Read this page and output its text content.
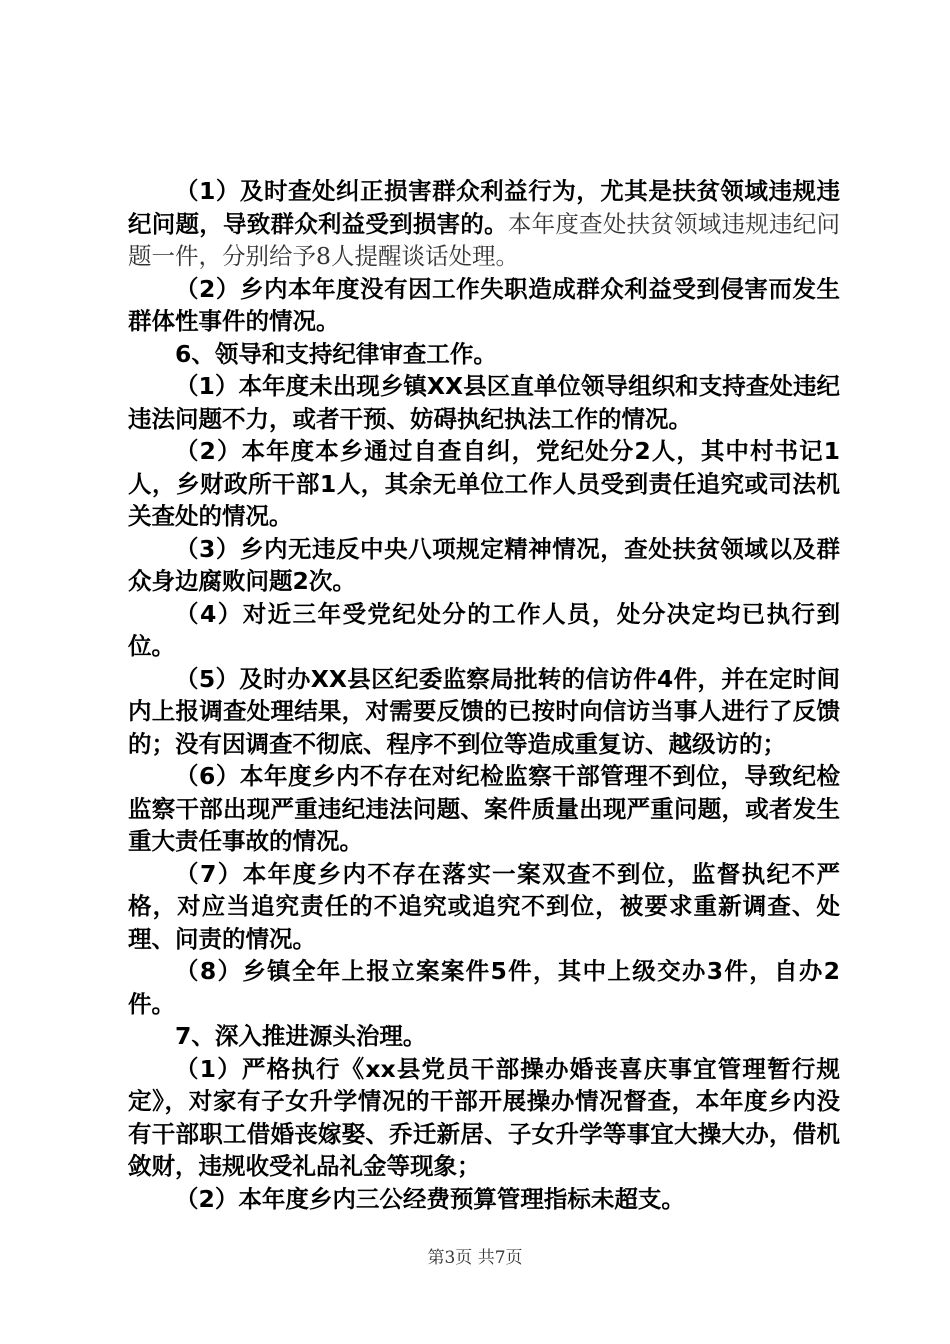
（1）及时查处纠正损害群众利益行为，尤其是扶贫领域违规违纪问题，导致群众利益受到损害的。本年度查处扶贫领域违规违纪问题一件，分别给予8人提醒谈话处理。

（2）乡内本年度没有因工作失职造成群众利益受到侵害而发生群体性事件的情况。

6、领导和支持纪律审查工作。

（1）本年度未出现乡镇XX县区直单位领导组织和支持查处违纪违法问题不力，或者干预、妨碍执纪执法工作的情况。

（2）本年度本乡通过自查自纠，党纪处分2人，其中村书记1人，乡财政所干部1人，其余无单位工作人员受到责任追究或司法机关查处的情况。

（3）乡内无违反中央八项规定精神情况，查处扶贫领域以及群众身边腐败问题2次。

（4）对近三年受党纪处分的工作人员，处分决定均已执行到位。

（5）及时办XX县区纪委监察局批转的信访件4件，并在定时间内上报调查处理结果，对需要反馈的已按时向信访当事人进行了反馈的；没有因调查不彻底、程序不到位等造成重复访、越级访的；

（6）本年度乡内不存在对纪检监察干部管理不到位，导致纪检监察干部出现严重违纪违法问题、案件质量出现严重问题，或者发生重大责任事故的情况。

（7）本年度乡内不存在落实一案双查不到位，监督执纪不严格，对应当追究责任的不追究或追究不到位，被要求重新调查、处理、问责的情况。

（8）乡镇全年上报立案案件5件，其中上级交办3件，自办2件。

7、深入推进源头治理。

（1）严格执行《xx县党员干部操办婚丧喜庆事宜管理暂行规定》，对家有子女升学情况的干部开展操办情况督查，本年度乡内没有干部职工借婚丧嫁娶、乔迁新居、子女升学等事宜大操大办，借机敛财，违规收受礼品礼金等现象；

（2）本年度乡内三公经费预算管理指标未超支。

第3页 共7页
